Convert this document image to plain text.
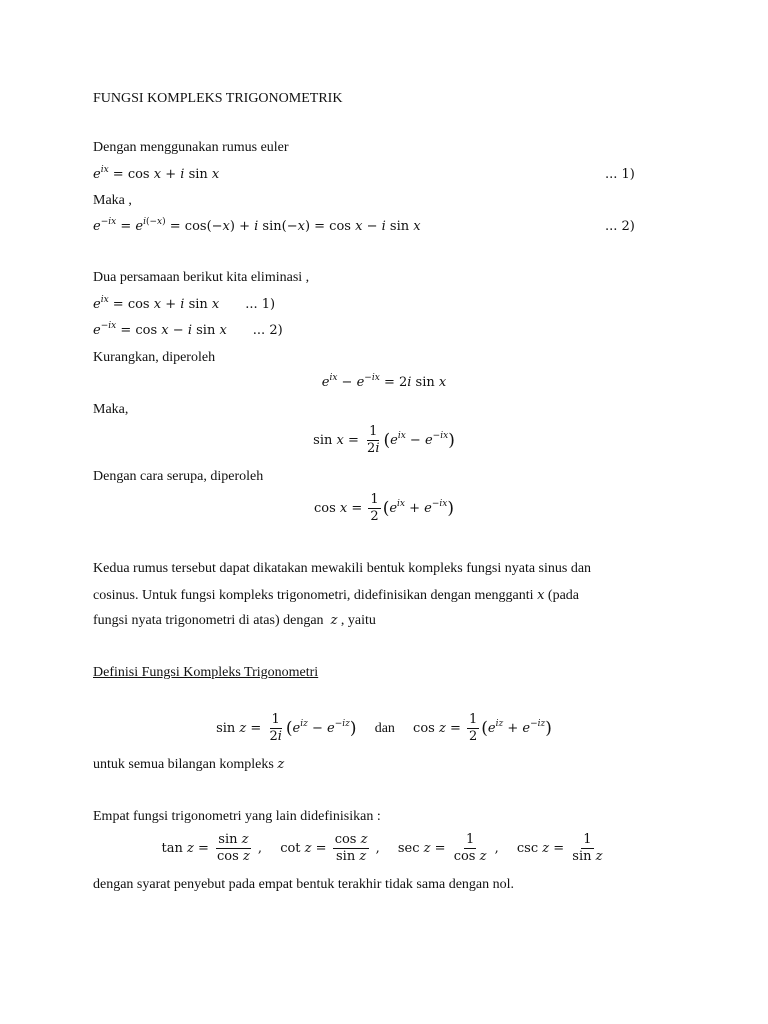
FUNGSI KOMPLEKS TRIGONOMETRIK
Dengan menggunakan rumus euler
$e^{ix} = \cos x + i$ sin x	... 1)
Maka ,
$e^{-ix} = e^{i(-x)} = \cos(-x) + i$ sin(−x) = cos x − i sin x	... 2)
Dua persamaan berikut kita eliminasi ,
$e^{ix} = \cos x + i$ sin x ... 1)
$e^{-ix} = \cos x - i$ sin x ... 2)
Kurangkan, diperoleh
$e^{ix} - e^{-ix} = 2i$ sin x
Maka,
$\sin x = \frac{1}{2i} (e^{ix} - e^{-ix})$
Dengan cara serupa, diperoleh
$\cos x = \frac{1}{2} (e^{ix} + e^{-ix})$
Kedua rumus tersebut dapat dikatakan mewakili bentuk kompleks fungsi nyata sinus dan
cosinus. Untuk fungsi kompleks trigonometri, didefinisikan dengan mengganti x (pada
fungsi nyata trigonometri di atas) dengan z , yaitu
Definisi Fungsi Kompleks Trigonometri
$\sin z = \frac{1}{2i} (e^{iz} - e^{-iz})$ dan $\cos z = \frac{1}{2} (e^{iz} + e^{-iz})$
untuk semua bilangan kompleks z
Empat fungsi trigonometri yang lain didefinisikan :
$\tan z = \frac{\text{sin z}}{\text{cos z}}$ , $\cot z = \frac{\text{cos z}}{\text{sin z}}$ , $\sec z = \frac{1}{\text{cos z}}$ , $\csc z = \frac{1}{\text{sin z}}$
dengan syarat penyebut pada empat bentuk terakhir tidak sama dengan nol.
